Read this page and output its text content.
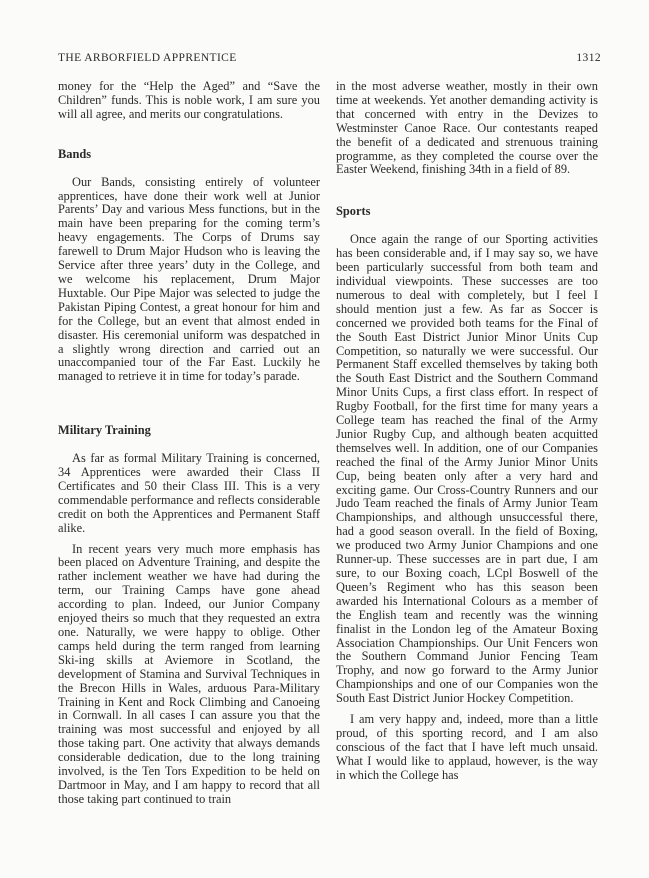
THE ARBORFIELD APPRENTICE	1312

money for the “Help the Aged” and “Save the Children” funds. This is noble work, I am sure you will all agree, and merits our congratulations.

Bands

Our Bands, consisting entirely of volunteer apprentices, have done their work well at Junior Parents’ Day and various Mess functions, but in the main have been preparing for the coming term’s heavy engagements. The Corps of Drums say farewell to Drum Major Hudson who is leaving the Service after three years’ duty in the College, and we welcome his replacement, Drum Major Huxtable. Our Pipe Major was selected to judge the Pakistan Piping Contest, a great honour for him and for the College, but an event that almost ended in disaster. His ceremonial uniform was despatched in a slightly wrong direction and carried out an unaccompanied tour of the Far East. Luckily he managed to retrieve it in time for today’s parade.

Military Training

As far as formal Military Training is concerned, 34 Apprentices were awarded their Class II Certificates and 50 their Class III. This is a very commendable performance and reflects considerable credit on both the Apprentices and Permanent Staff alike.

In recent years very much more emphasis has been placed on Adventure Training, and despite the rather inclement weather we have had during the term, our Training Camps have gone ahead according to plan. Indeed, our Junior Company enjoyed theirs so much that they requested an extra one. Naturally, we were happy to oblige. Other camps held during the term ranged from learning Ski-ing skills at Aviemore in Scotland, the development of Stamina and Survival Techniques in the Brecon Hills in Wales, arduous Para-Military Training in Kent and Rock Climbing and Canoeing in Cornwall. In all cases I can assure you that the training was most successful and enjoyed by all those taking part. One activity that always demands considerable dedication, due to the long training involved, is the Ten Tors Expedition to be held on Dartmoor in May, and I am happy to record that all those taking part continued to train

in the most adverse weather, mostly in their own time at weekends. Yet another demanding activity is that concerned with entry in the Devizes to Westminster Canoe Race. Our contestants reaped the benefit of a dedicated and strenuous training programme, as they completed the course over the Easter Weekend, finishing 34th in a field of 89.

Sports

Once again the range of our Sporting activities has been considerable and, if I may say so, we have been particularly successful from both team and individual viewpoints. These successes are too numerous to deal with completely, but I feel I should mention just a few. As far as Soccer is concerned we provided both teams for the Final of the South East District Junior Minor Units Cup Competition, so naturally we were successful. Our Permanent Staff excelled themselves by taking both the South East District and the Southern Command Minor Units Cups, a first class effort. In respect of Rugby Football, for the first time for many years a College team has reached the final of the Army Junior Rugby Cup, and although beaten acquitted themselves well. In addition, one of our Companies reached the final of the Army Junior Minor Units Cup, being beaten only after a very hard and exciting game. Our Cross-Country Runners and our Judo Team reached the finals of Army Junior Team Championships, and although unsuccessful there, had a good season overall. In the field of Boxing, we produced two Army Junior Champions and one Runner-up. These successes are in part due, I am sure, to our Boxing coach, LCpl Boswell of the Queen’s Regiment who has this season been awarded his International Colours as a member of the English team and recently was the winning finalist in the London leg of the Amateur Boxing Association Championships. Our Unit Fencers won the Southern Command Junior Fencing Team Trophy, and now go forward to the Army Junior Championships and one of our Companies won the South East District Junior Hockey Competition.

I am very happy and, indeed, more than a little proud, of this sporting record, and I am also conscious of the fact that I have left much unsaid. What I would like to applaud, however, is the way in which the College has
